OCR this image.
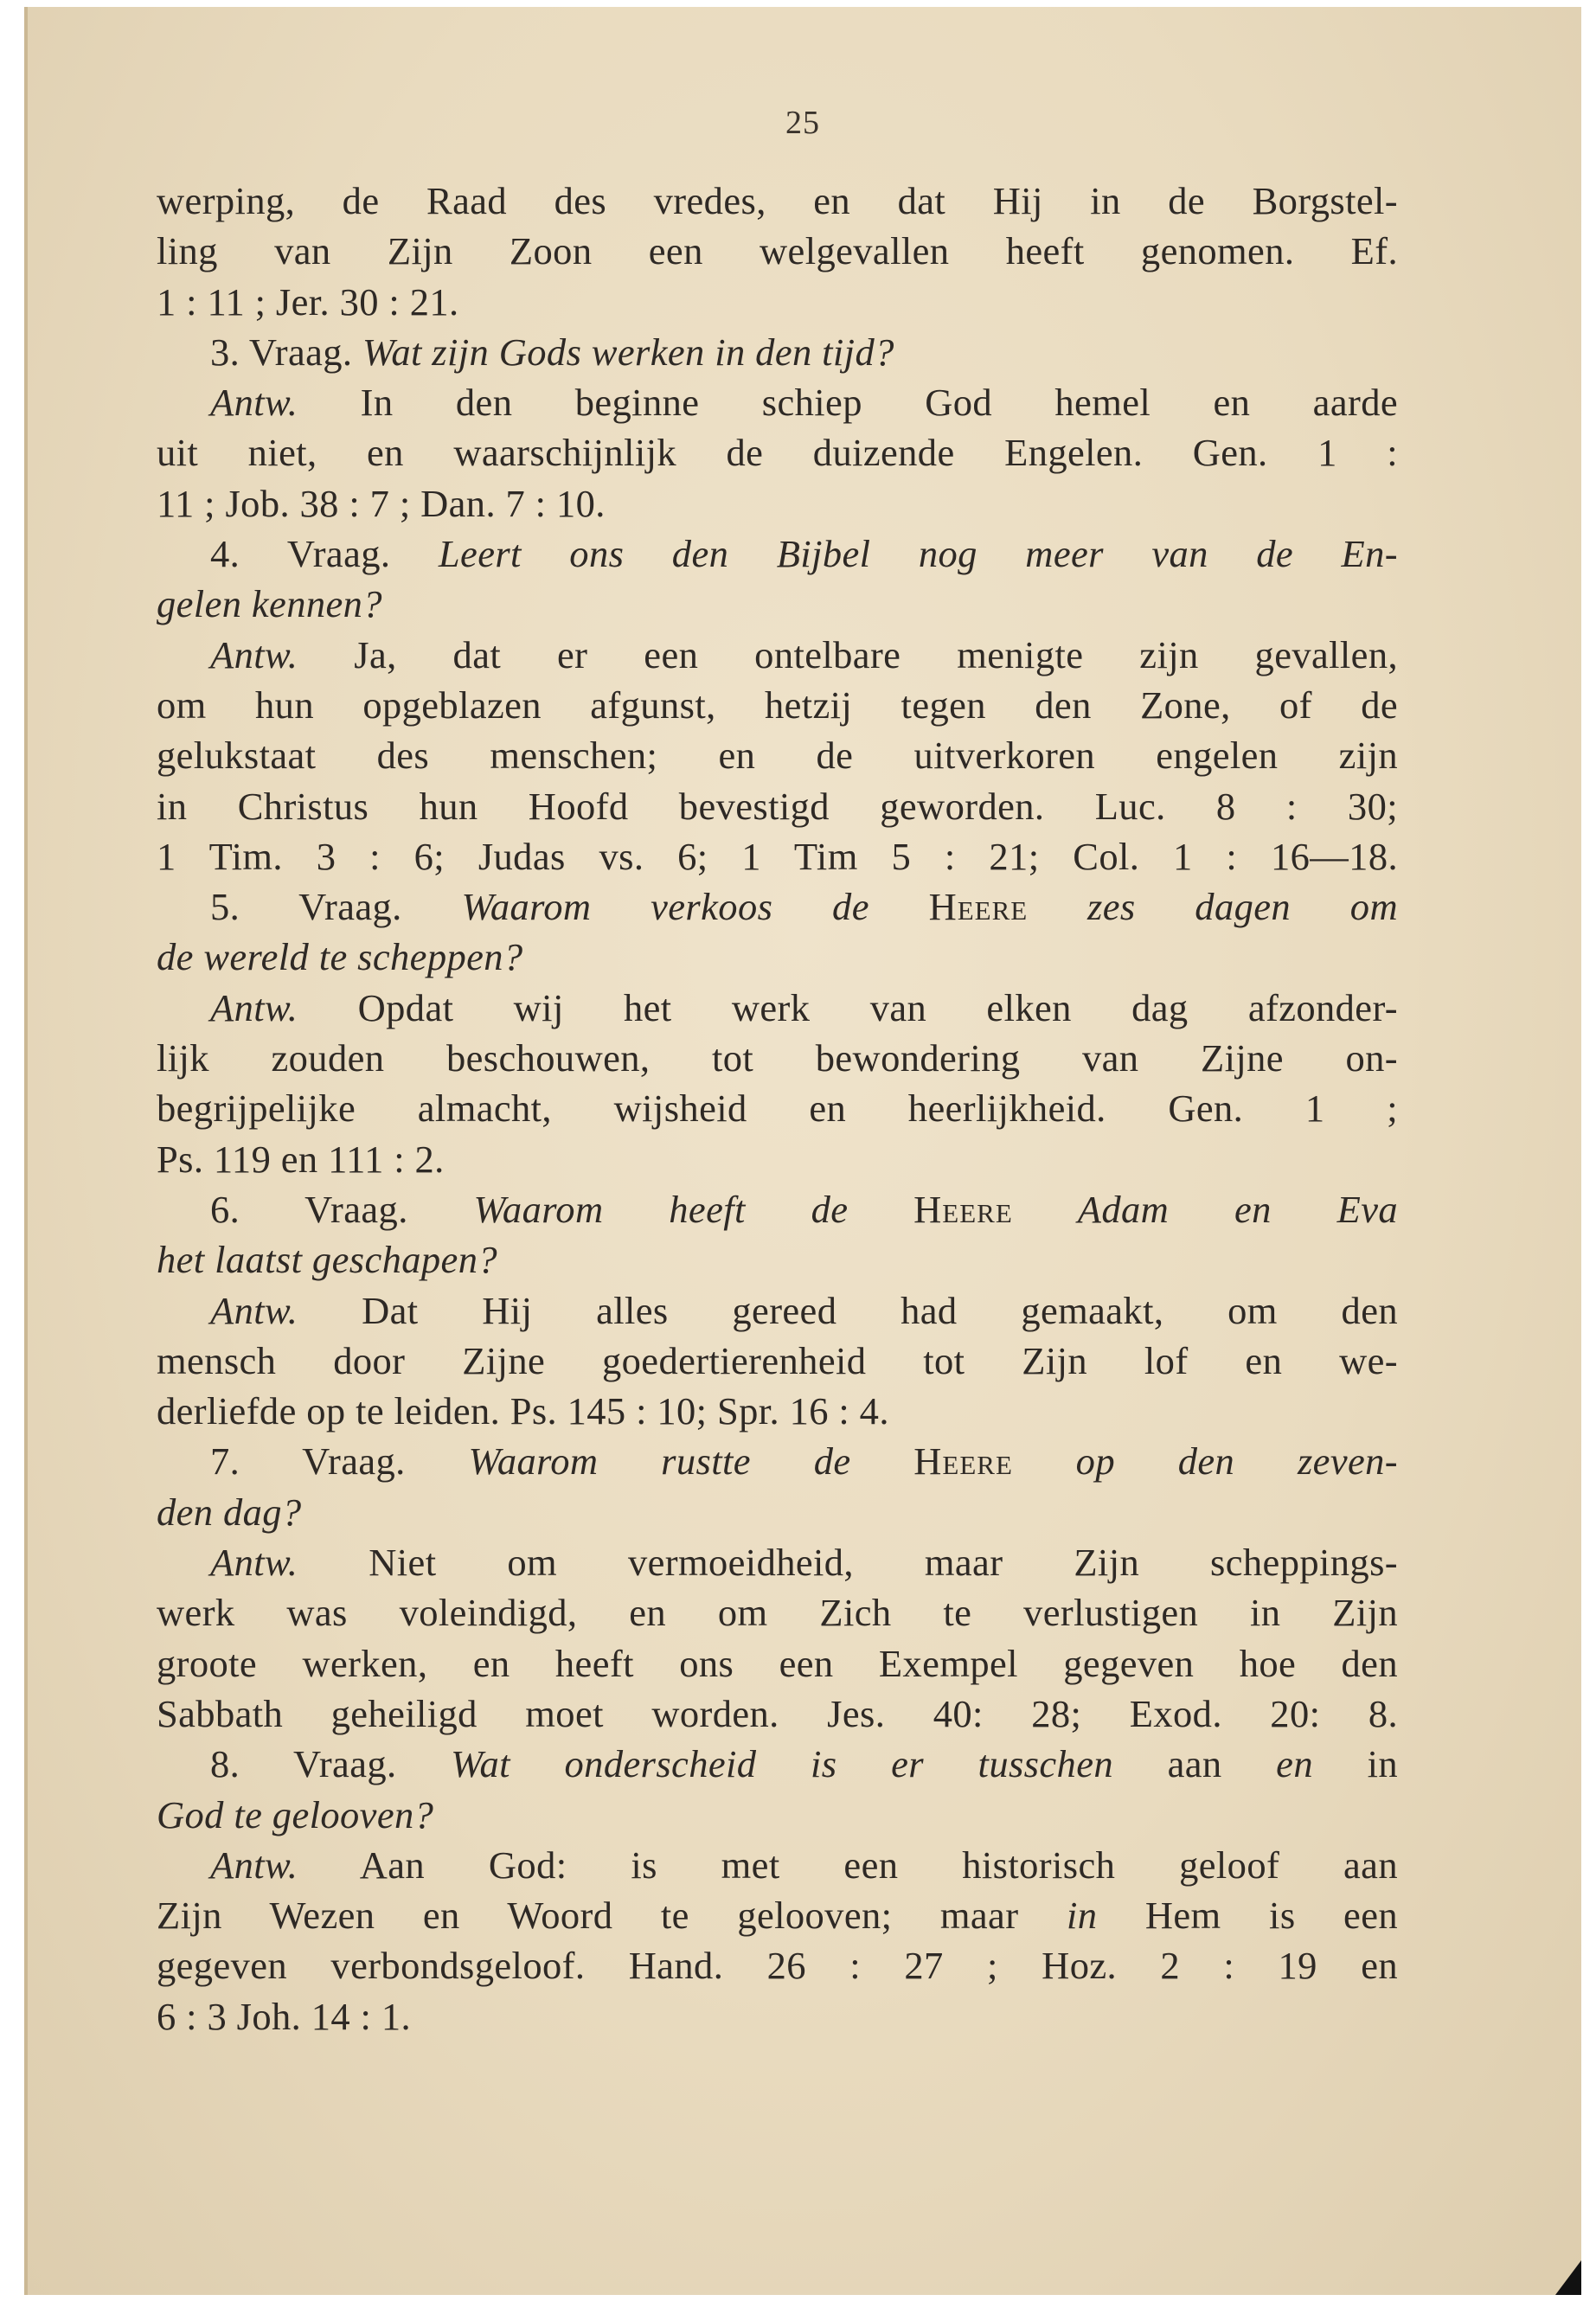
25
werping, de Raad des vredes, en dat Hij in de Borgstel-
ling van Zijn Zoon een welgevallen heeft genomen. Ef.
1 : 11 ; Jer. 30 : 21.
3. Vraag. Wat zijn Gods werken in den tijd?
Antw. In den beginne schiep God hemel en aarde
uit niet, en waarschijnlijk de duizende Engelen. Gen. 1 :
11 ; Job. 38 : 7 ; Dan. 7 : 10.
4. Vraag. Leert ons den Bijbel nog meer van de En-
gelen kennen?
Antw. Ja, dat er een ontelbare menigte zijn gevallen,
om hun opgeblazen afgunst, hetzij tegen den Zone, of de
gelukstaat des menschen; en de uitverkoren engelen zijn
in Christus hun Hoofd bevestigd geworden. Luc. 8 : 30;
1 Tim. 3 : 6; Judas vs. 6; 1 Tim 5 : 21; Col. 1 : 16—18.
5. Vraag. Waarom verkoos de Heere zes dagen om
de wereld te scheppen?
Antw. Opdat wij het werk van elken dag afzonder-
lijk zouden beschouwen, tot bewondering van Zijne on-
begrijpelijke almacht, wijsheid en heerlijkheid. Gen. 1 ;
Ps. 119 en 111 : 2.
6. Vraag. Waarom heeft de Heere Adam en Eva
het laatst geschapen?
Antw. Dat Hij alles gereed had gemaakt, om den
mensch door Zijne goedertierenheid tot Zijn lof en we-
derliefde op te leiden. Ps. 145 : 10; Spr. 16 : 4.
7. Vraag. Waarom rustte de Heere op den zeven-
den dag?
Antw. Niet om vermoeidheid, maar Zijn scheppings-
werk was voleindigd, en om Zich te verlustigen in Zijn
groote werken, en heeft ons een Exempel gegeven hoe den
Sabbath geheiligd moet worden. Jes. 40: 28; Exod. 20: 8.
8. Vraag. Wat onderscheid is er tusschen aan en in
God te gelooven?
Antw. Aan God: is met een historisch geloof aan
Zijn Wezen en Woord te gelooven; maar in Hem is een
gegeven verbondsgeloof. Hand. 26 : 27 ; Hoz. 2 : 19 en
6 : 3 Joh. 14 : 1.
